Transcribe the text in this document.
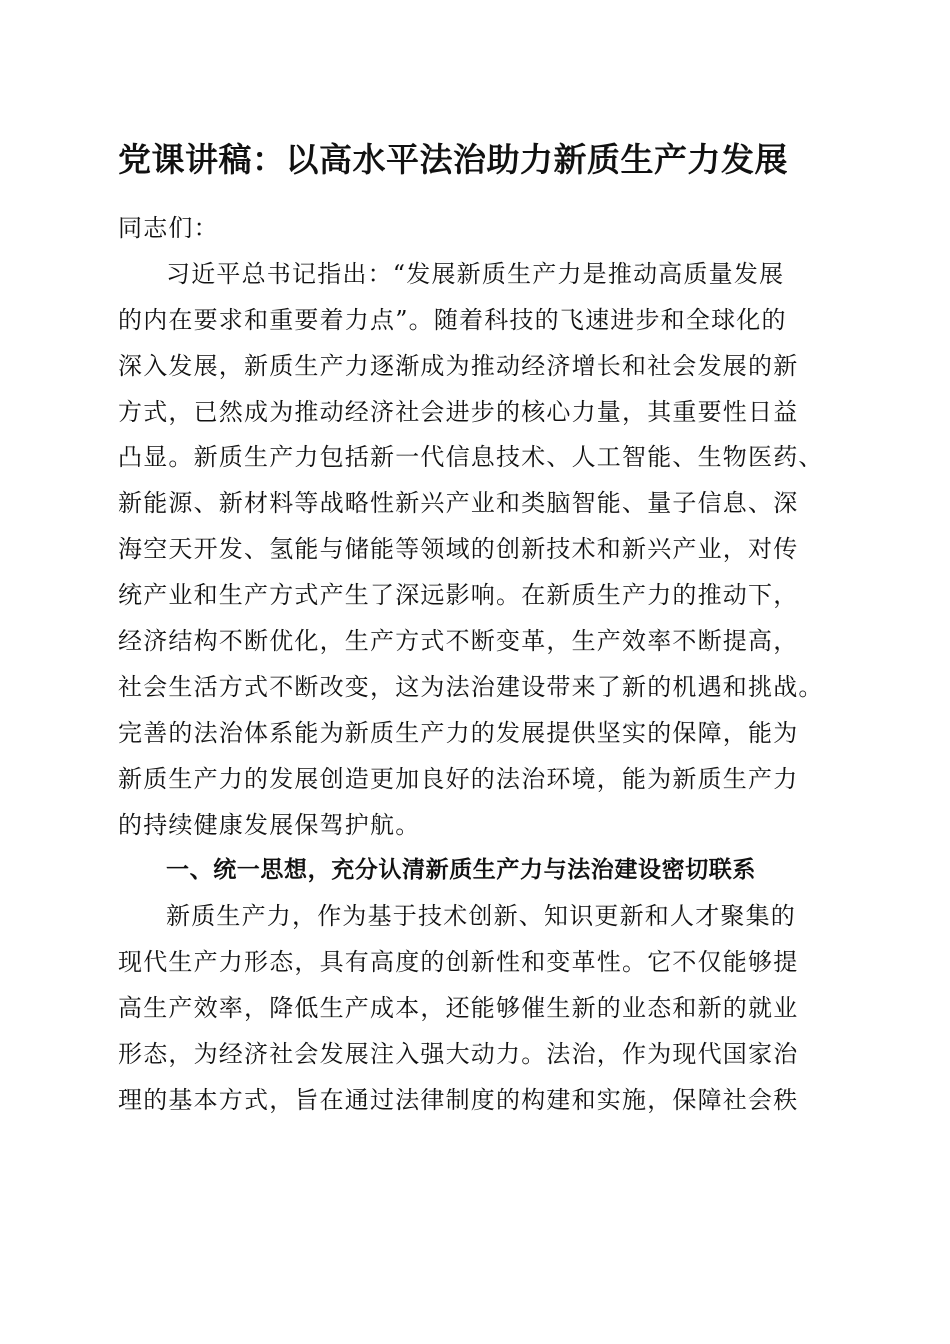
党课讲稿：以高水平法治助力新质生产力发展
同志们：
习近平总书记指出：“发展新质生产力是推动高质量发展
的内在要求和重要着力点”。随着科技的飞速进步和全球化的
深入发展，新质生产力逐渐成为推动经济增长和社会发展的新
方式，已然成为推动经济社会进步的核心力量，其重要性日益
凸显。新质生产力包括新一代信息技术、人工智能、生物医药、
新能源、新材料等战略性新兴产业和类脑智能、量子信息、深
海空天开发、氢能与储能等领域的创新技术和新兴产业，对传
统产业和生产方式产生了深远影响。在新质生产力的推动下，
经济结构不断优化，生产方式不断变革，生产效率不断提高，
社会生活方式不断改变，这为法治建设带来了新的机遇和挑战。
完善的法治体系能为新质生产力的发展提供坚实的保障，能为
新质生产力的发展创造更加良好的法治环境，能为新质生产力
的持续健康发展保驾护航。
一、统一思想，充分认清新质生产力与法治建设密切联系
新质生产力，作为基于技术创新、知识更新和人才聚集的
现代生产力形态，具有高度的创新性和变革性。它不仅能够提
高生产效率，降低生产成本，还能够催生新的业态和新的就业
形态，为经济社会发展注入强大动力。法治，作为现代国家治
理的基本方式，旨在通过法律制度的构建和实施，保障社会秩
